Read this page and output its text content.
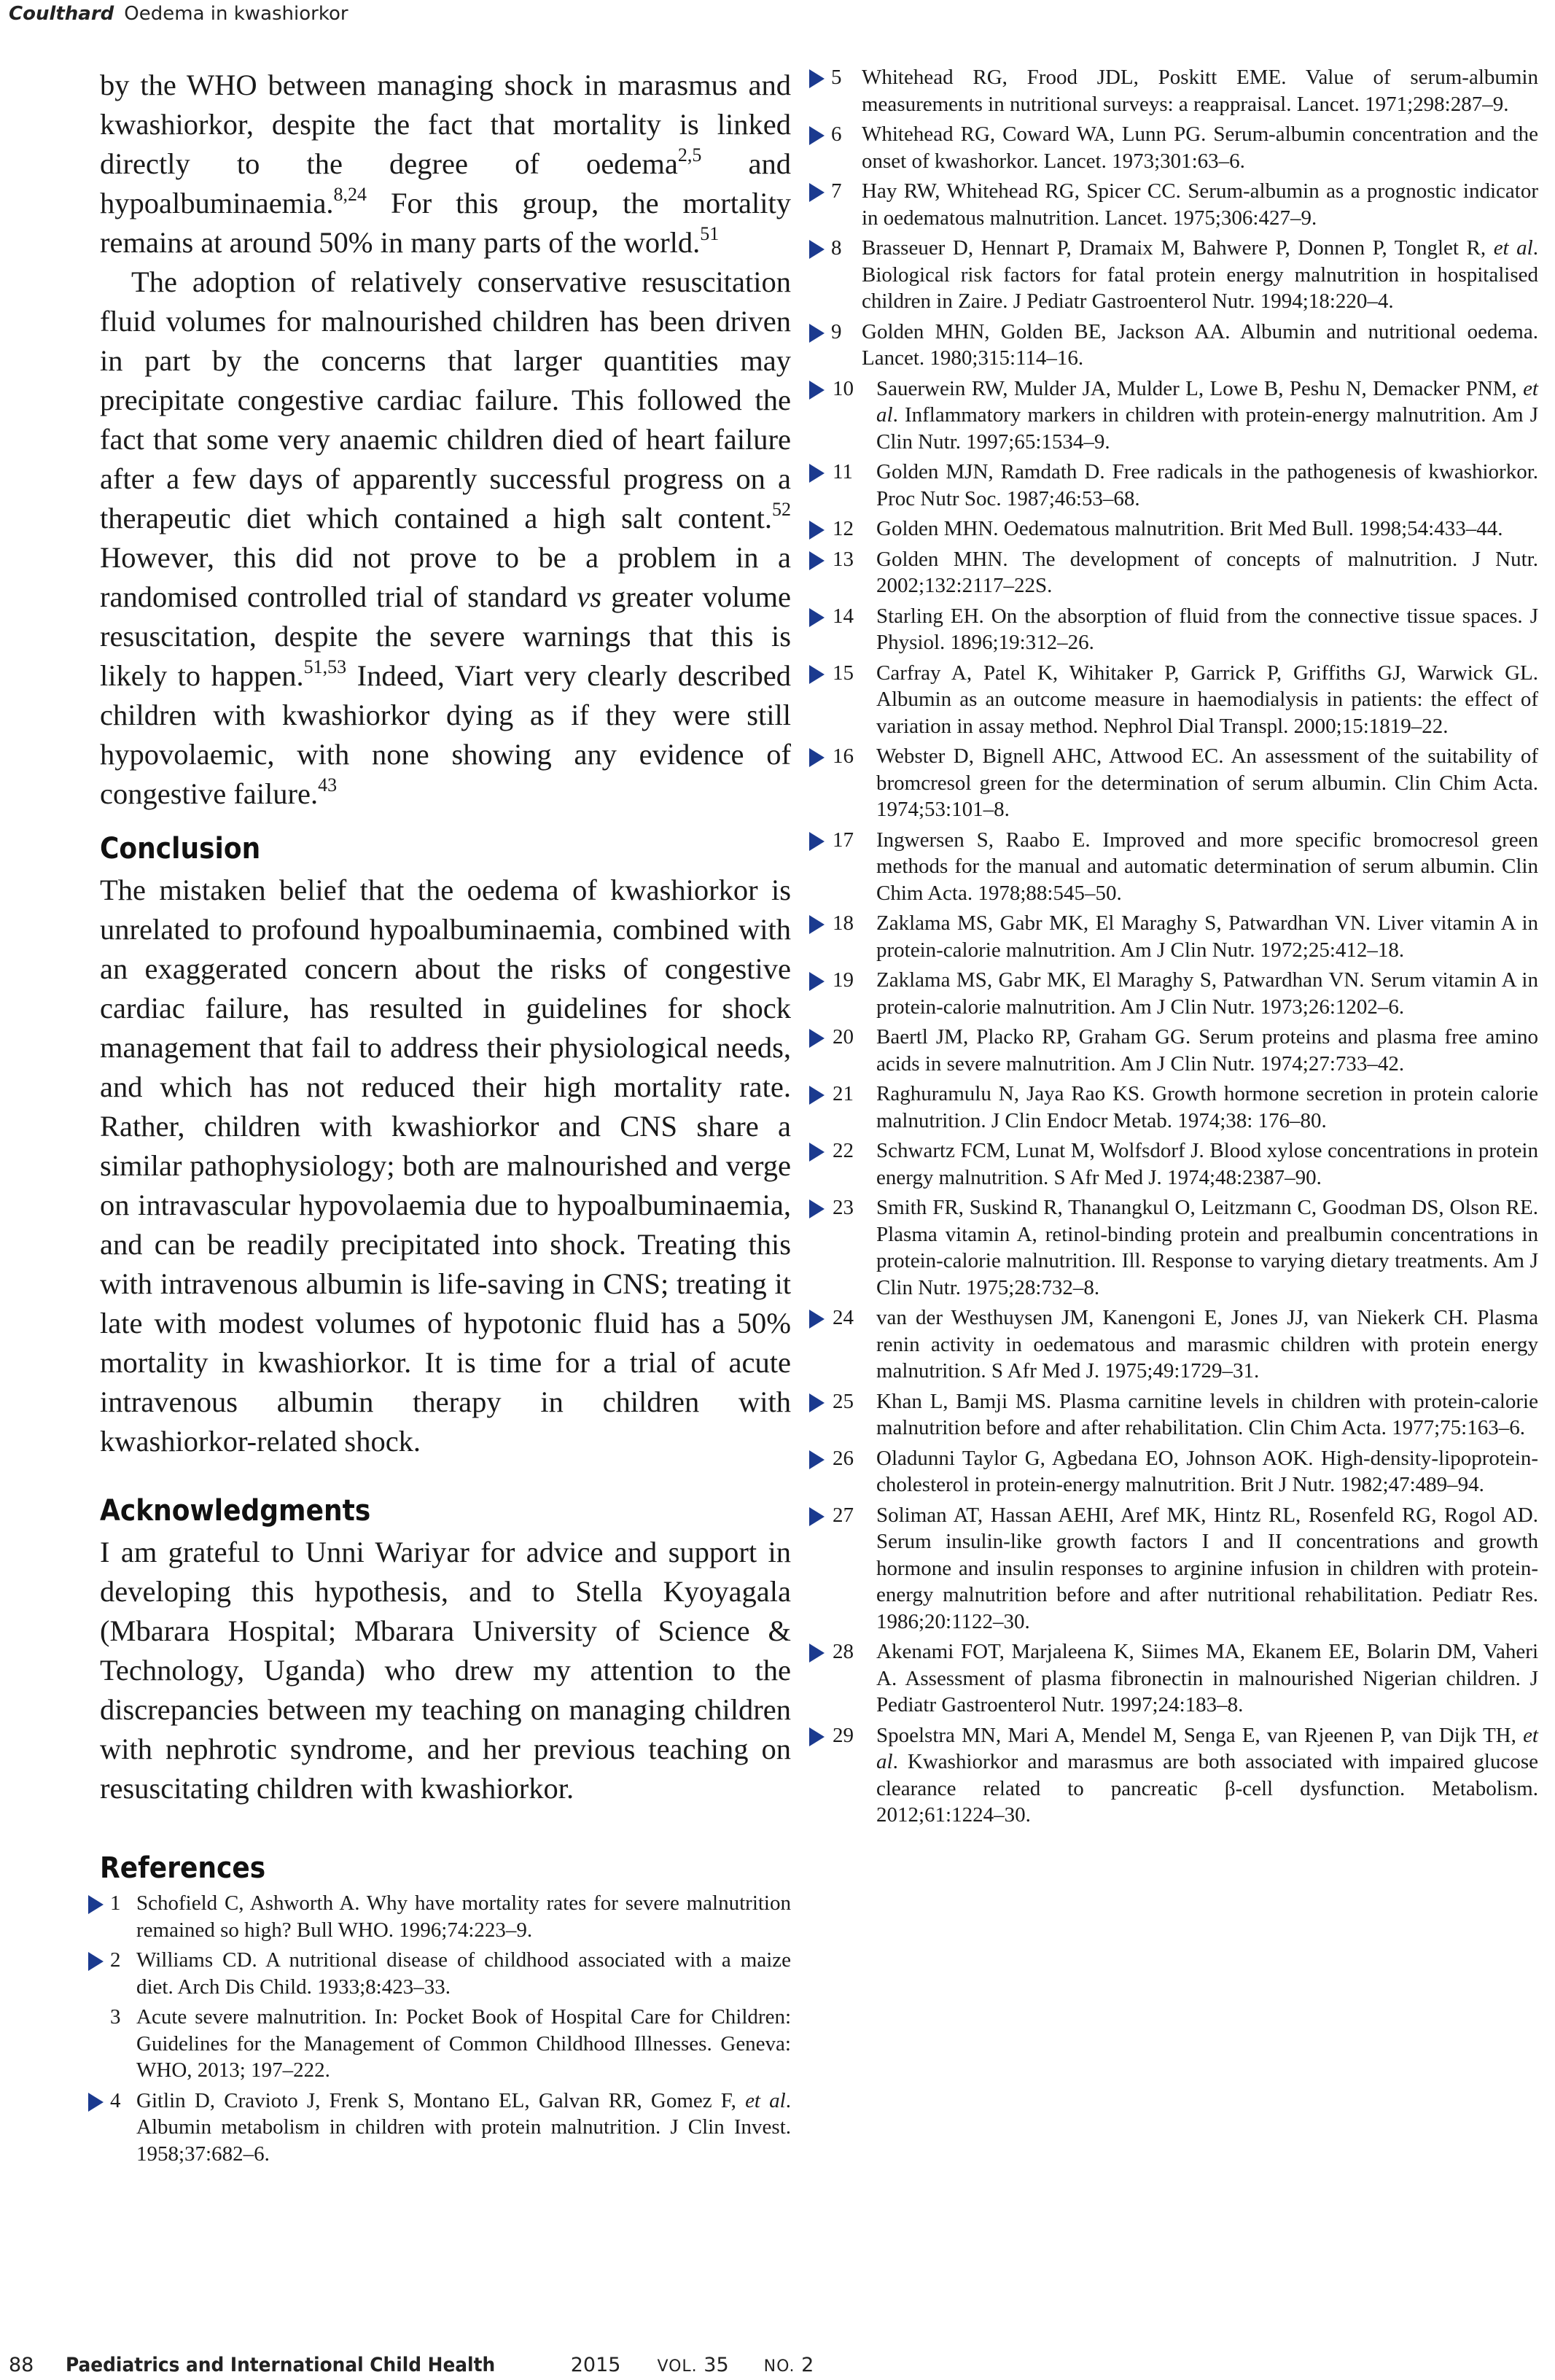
Coulthard Oedema in kwashiorkor

by the WHO between managing shock in marasmus and kwashiorkor, despite the fact that mortality is linked directly to the degree of oedema$^{2,5}$ and hypoalbuminaemia.$^{8,24}$ For this group, the mortality remains at around 50% in many parts of the world.$^{51}$

The adoption of relatively conservative resuscitation fluid volumes for malnourished children has been driven in part by the concerns that larger quantities may precipitate congestive cardiac failure. This followed the fact that some very anaemic children died of heart failure after a few days of apparently successful progress on a therapeutic diet which contained a high salt content.$^{52}$ However, this did not prove to be a problem in a randomised controlled trial of standard vs greater volume resuscitation, despite the severe warnings that this is likely to happen.$^{51,53}$ Indeed, Viart very clearly described children with kwashiorkor dying as if they were still hypovolaemic, with none showing any evidence of congestive failure.$^{43}$

Conclusion

The mistaken belief that the oedema of kwashiorkor is unrelated to profound hypoalbuminaemia, combined with an exaggerated concern about the risks of congestive cardiac failure, has resulted in guidelines for shock management that fail to address their physiological needs, and which has not reduced their high mortality rate. Rather, children with kwashiorkor and CNS share a similar pathophysiology; both are malnourished and verge on intravascular hypovolaemia due to hypoalbuminaemia, and can be readily precipitated into shock. Treating this with intravenous albumin is life-saving in CNS; treating it late with modest volumes of hypotonic fluid has a 50% mortality in kwashiorkor. It is time for a trial of acute intravenous albumin therapy in children with kwashiorkor-related shock.

Acknowledgments

I am grateful to Unni Wariyar for advice and support in developing this hypothesis, and to Stella Kyoyagala (Mbarara Hospital; Mbarara University of Science & Technology, Uganda) who drew my attention to the discrepancies between my teaching on managing children with nephrotic syndrome, and her previous teaching on resuscitating children with kwashiorkor.

References
1 Schofield C, Ashworth A. Why have mortality rates for severe malnutrition remained so high? Bull WHO. 1996;74:223–9.
2 Williams CD. A nutritional disease of childhood associated with a maize diet. Arch Dis Child. 1933;8:423–33.
3 Acute severe malnutrition. In: Pocket Book of Hospital Care for Children: Guidelines for the Management of Common Childhood Illnesses. Geneva: WHO, 2013; 197–222.
4 Gitlin D, Cravioto J, Frenk S, Montano EL, Galvan RR, Gomez F, et al. Albumin metabolism in children with protein malnutrition. J Clin Invest. 1958;37:682–6.
5 Whitehead RG, Frood JDL, Poskitt EME. Value of serum-albumin measurements in nutritional surveys: a reappraisal. Lancet. 1971;298:287–9.
6 Whitehead RG, Coward WA, Lunn PG. Serum-albumin concentration and the onset of kwashorkor. Lancet. 1973;301:63–6.
7 Hay RW, Whitehead RG, Spicer CC. Serum-albumin as a prognostic indicator in oedematous malnutrition. Lancet. 1975;306:427–9.
8 Brasseuer D, Hennart P, Dramaix M, Bahwere P, Donnen P, Tonglet R, et al. Biological risk factors for fatal protein energy malnutrition in hospitalised children in Zaire. J Pediatr Gastroenterol Nutr. 1994;18:220–4.
9 Golden MHN, Golden BE, Jackson AA. Albumin and nutritional oedema. Lancet. 1980;315:114–16.
10 Sauerwein RW, Mulder JA, Mulder L, Lowe B, Peshu N, Demacker PNM, et al. Inflammatory markers in children with protein-energy malnutrition. Am J Clin Nutr. 1997;65:1534–9.
11 Golden MJN, Ramdath D. Free radicals in the pathogenesis of kwashiorkor. Proc Nutr Soc. 1987;46:53–68.
12 Golden MHN. Oedematous malnutrition. Brit Med Bull. 1998;54:433–44.
13 Golden MHN. The development of concepts of malnutrition. J Nutr. 2002;132:2117–22S.
14 Starling EH. On the absorption of fluid from the connective tissue spaces. J Physiol. 1896;19:312–26.
15 Carfray A, Patel K, Wihitaker P, Garrick P, Griffiths GJ, Warwick GL. Albumin as an outcome measure in haemodialysis in patients: the effect of variation in assay method. Nephrol Dial Transpl. 2000;15:1819–22.
16 Webster D, Bignell AHC, Attwood EC. An assessment of the suitability of bromcresol green for the determination of serum albumin. Clin Chim Acta. 1974;53:101–8.
17 Ingwersen S, Raabo E. Improved and more specific bromocresol green methods for the manual and automatic determination of serum albumin. Clin Chim Acta. 1978;88:545–50.
18 Zaklama MS, Gabr MK, El Maraghy S, Patwardhan VN. Liver vitamin A in protein-calorie malnutrition. Am J Clin Nutr. 1972;25:412–18.
19 Zaklama MS, Gabr MK, El Maraghy S, Patwardhan VN. Serum vitamin A in protein-calorie malnutrition. Am J Clin Nutr. 1973;26:1202–6.
20 Baertl JM, Placko RP, Graham GG. Serum proteins and plasma free amino acids in severe malnutrition. Am J Clin Nutr. 1974;27:733–42.
21 Raghuramulu N, Jaya Rao KS. Growth hormone secretion in protein calorie malnutrition. J Clin Endocr Metab. 1974;38: 176–80.
22 Schwartz FCM, Lunat M, Wolfsdorf J. Blood xylose concentrations in protein energy malnutrition. S Afr Med J. 1974;48:2387–90.
23 Smith FR, Suskind R, Thanangkul O, Leitzmann C, Goodman DS, Olson RE. Plasma vitamin A, retinol-binding protein and prealbumin concentrations in protein-calorie malnutrition. Ill. Response to varying dietary treatments. Am J Clin Nutr. 1975;28:732–8.
24 van der Westhuysen JM, Kanengoni E, Jones JJ, van Niekerk CH. Plasma renin activity in oedematous and marasmic children with protein energy malnutrition. S Afr Med J. 1975;49:1729–31.
25 Khan L, Bamji MS. Plasma carnitine levels in children with protein-calorie malnutrition before and after rehabilitation. Clin Chim Acta. 1977;75:163–6.
26 Oladunni Taylor G, Agbedana EO, Johnson AOK. High-density-lipoprotein-cholesterol in protein-energy malnutrition. Brit J Nutr. 1982;47:489–94.
27 Soliman AT, Hassan AEHI, Aref MK, Hintz RL, Rosenfeld RG, Rogol AD. Serum insulin-like growth factors I and II concentrations and growth hormone and insulin responses to arginine infusion in children with protein-energy malnutrition before and after nutritional rehabilitation. Pediatr Res. 1986;20:1122–30.
28 Akenami FOT, Marjaleena K, Siimes MA, Ekanem EE, Bolarin DM, Vaheri A. Assessment of plasma fibronectin in malnourished Nigerian children. J Pediatr Gastroenterol Nutr. 1997;24:183–8.
29 Spoelstra MN, Mari A, Mendel M, Senga E, van Rjeenen P, van Dijk TH, et al. Kwashiorkor and marasmus are both associated with impaired glucose clearance related to pancreatic β-cell dysfunction. Metabolism. 2012;61:1224–30.
88 Paediatrics and International Child Health	2015 VOL. 35 NO. 2
